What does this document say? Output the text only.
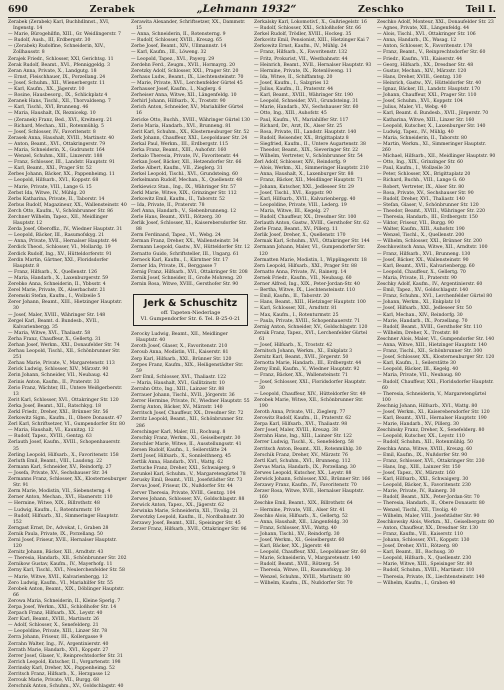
690	Zerabek	„Lehmann 1932“	Zeschko	Teil I.
Zerabek (Zerabek) Karl, Buchhdlnnst., XVI, Ingenstg. 14
— Marie, Bürogehilfin, XIII., Gr. Weidlingerstr. 7
— Rudolf, Aush., III, Erdbergstr. 30
— (Zerabek) Rudolfine, Schneiderin, XIV., Zollhausstr. 8
Zerajek Friedr., Schlosser, XXI, Gerichtsg. 11
Zerak Rudolf, Beamt., XVI., Pfenniggeldg. 3
Zeran Anna, Private, X., Landgutg. 18
— Ernst, Fleischhauer, IX., Porzellang. 24
— Josef, Schuhm., XII., Wienerbergstr. 11
— Karl, Kaufm., XX., Jägerstr. 10
— Rosine, Hausbesorg., IX., Schlickplatz 4
Zeranek Hans, Tischl., XII., Thorvaldseng. 7
— Karl, Tischl., XVI, Brunneng. 46
— Maria, Haushalt, IX, Reznicekg. 10
— (Zeranek) Franz, Bed., XVI., Kreitnerg. 21
— Richard, Mechan., XII., Rotenmühlg. 5
— Josef, Schlosser, IV., Favoritenstr. 8
Zerasek Anna, Haushalt, XVIII., Martinstr. 40
— Anton, Beamt., XVI., Ottakringerstr. 79
— Maria, Schneiderin, X., Gudrunstr. 164
— Wenzel, Schuhm., XIII., Linzerstr. 188
— Franz, Schlosser, III., Landstr. Hauptstr. 91
— Karl, Beamt., XXI., Prager Str. 52
Zerbes Johann, Bäcker, XX., Pappenheimg. 11
— Leopold, Hilfsarb., XVI., Koppstr. 68
— Marie, Private, VIII., Lange G. 15
Zerbst Ida, Witwe, IV., Mühlg. 20
Zerbs Katharina, Private, II., Taborstr. 14
Zerbus Rudolf, Magazineur, XX., Wallensteinstr. 40
Zerch Otto, Kaufm., V., Schönbrunner Str. 86
Zerchner Wilhelm, Tapez., XII., Meidlinger Hauptstr. 12
Zerda Josef, Oberoffiz., IV., Wiedner Hauptstr. 31
— Leopold, Bäcker, III., Rasumofskyg. 21
— Anna, Private, XVII., Hernalser Hauptstr. 44
Zerdick Theod., Schlosser, VI., Mollardg. 19
Zerdick Rudolf, Ing., XV., Hütteldorferstr. 91
Zerdin Martin, Gärtner, XXI., Floridsdorfer Hauptstr. 8
— Franz, Hilfsarb., X., Quellenstr. 126
— Maria, Handarb., X., Laxenburgerstr. 59
Zerebko Anna, Schneiderin, II., Ybbsstr. 4
Zerel Marie, Private, IX., Alserbachstr. 21
Zeremski Stefan, Kaufm., I., Wollzeile 5
Zerer Johann, Beamt., XIII., Hietzinger Hauptstr. 30
— Josef, Maler, XVIII., Währinger Str. 148
Zergel Karl, Beamt. d. Bundesb., XVII., Kalvarienbergg. 35
— Maria, Witwe, XVI., Thaliastr. 58
Zerha Franz, Chauffeur, X., Gellertg. 31
Zerhan Josef, Werkm., XXI., Donaufelder Str. 74
Zerhau Leopold, Tischl., XII., Schönbrunner Str. 251
Zerhau Marie, Private, V., Margaretenstr. 113
Zerick Ludwig, Schlosser, XIV., Märzstr. 90
Zerin Johann, Schneider, VII., Neubaug. 42
Zerinis Anton, Kaufm., II., Praterstr. 33
Zerio Franz, Wächter, III., Untere Weißgerberstr. 13
Zerit Karl, Schlosser, XVI., Ottakringer Str. 120
Zerka Josef, Beamt., XII., Ratschkyg. 18
Zerkl Friedr., Dreher, XXI., Brünner Str. 56
Zerkowitz Sigm., Kaufm., II., Obere Donaustr. 47
Zerl Karl, Schriftsetzer, VI., Gumpendorfer Str. 80
— Maria, Haushalt, VI., Kaunitzg. 12
— Rudolf, Tapez., XVIII., Gentzg. 63
Zerlauth Josef, Kaufm., XVIII., Schopenhauerstr. 35
Zerling Leopold, Hilfsarb., X., Favoritenstr. 158
Zerluth Emil, Beamt., VIII., Laudong. 22
Zermann Karl, Schneider, XV., Reindorfg. 27
— Josefa, Private, XV., Sechshauser Str. 34
Zermanns Franz, Schlosser, XX., Klosterneuburger Str. 91
Zerm Marie, Modistin, VII., Siebensterng. 4
Zerner Anton, Mechan., XVI., Hasnerstr. 110
— Hermine, Witwe, XIX., Billrothstr. 48
— Ludwig, Kaufm., I., Rotenturmstr. 19
— Rudolf, Hilfsarb., XI., Simmeringer Hauptstr. 152
Zerngast Ernst, Dr., Advokat, I., Graben 28
Zernik Paula, Private, IX., Porzellang. 50
Zerni Josef, Friseur, XVII., Hernalser Hauptstr. 120
Zernitz Johann, Bäcker, XII., Arndtstr. 43
— Theresia, Handarb., XII., Schönbrunner Str. 202
Zernikow Gustav, Kaufm., IV., Mayerhofg. 11
Zerny Karl, Tischl., XVI., Neulerchenfelder Str. 58
— Marie, Witwe, XVII., Kalvarienbergg. 12
Zero Ludwig, Kaufm., VI., Mariahilfer Str. 55
Zerobek Anton, Beamt., XIX., Döblinger Hauptstr. 66
Zerowa Maria, Schneiderin, II., Kleine Sperlg. 7
Zerpa Josef, Werkm., XXI., Schloßhofer Str. 14
Zerpach Franz, Hilfsarb., XX., Leystr. 40
Zerr Karl, Beamt., XVIII., Martinstr. 26
— Adolf, Schlosser, X., Senefelderg. 21
— Leopoldine, Private, XIII., Linzer Str. 78
Zerra Johann, Friseur, III., Kollergasse 9
Zerrahn Walter, Ing., IV., Argentinierstr. 40
Zerrath Marie, Handarb., XVI., Koppstr. 27
Zerrer Josef, Glaser, V., Reinprechtsdorfer Str. 31
Zerrich Leopold, Kutscher, II., Vorgartenstr. 198
Zerrinsky Karl, Dreher, XX., Pappenheimg. 52
Zerritsch Franz, Hilfsarb., X., Herzgasse 12
Zerrouk Marie, Private, VII., Burgg. 68
Zerschnik Anton, Schuhm., XV., Goldschlagstr. 40
Zerawita Alexander, Schriftsetzer, XX., Dammstr. 15
— Anna, Schneiderin, II., Rotensterng. 9
— Rudolf, Schlosser, XVIII., Kreuzg. 65
Zerbe Josef, Beamt., XIV., Ullmannstr. 14
— Karl, Kaufm., III., Löweng. 32
— Leopold, Tapez., XVI., Payerg. 29
Zerdehn Ferd., Zeugm., XVII., Hormayrg. 20
Zeretzky Adolf, Schlosser, XXI., Prager Str. 20
Zerhaus Ludw., Beamt., IX., Liechtensteinstr. 70
— Marie, Private, XVI., Lerchenfelder Gürtel 45
Zerhauser Josef, Kaufm., I., Naglerg. 6
Zerheiser Anna, Witwe, XII., Längenfeldg. 10
Zerhirl Johann, Hilfsarb., X., Troststr. 90
Zerich Anton, Schneider, XV., Mariahilfer Gürtel 16
Zericke Otto, Buchh., XVIII., Währinger Gürtel 130
Zerio Maria, Handarb., XVI., Brunneng. 81
Zerit Karl, Schuhm., XX., Klosterneuburger Str. 52
Zerk Johann, Chauffeur, XXI., Leopoldauer Str. 24
Zerkal Paul, Werkm., III., Erdbergstr. 115
Zerka Franz, Beamt., XIII., Auhofstr. 160
Zerkalo Theresia, Private, IV., Favoritenstr. 44
Zerkan Josef, Bäcker, XII., Hetzendorfer Str. 66
Zerke Albert, Kaufm., VII., Zieglerg. 31
Zerkel Leopold, Tischl., XVI., Grundsteing. 60
Zerkelmann Rudolf, Mechan., X., Quellenstr. 48
Zerkiewicz Stan., Ing., IX., Währinger Str. 57
Zerkl Marie, Witwe, XIX., Grinzinger Str. 112
Zerkowitz Emil, Kaufm., II., Taborstr. 52
— Ida, Private, II., Praterstr. 78
Zerl Anna, Handarb., V., Siebenbrunneng. 12
Zerle Hans, Beamt., XVII., Rötzerg. 30
Zerlik Josef, Schlosser, XI., Kaiserebersdorfer Str. 88
Zerm Ferdinand, Tapez., VI., Webg. 24
Zerman Franz, Dreher, XX., Wallensteinstr. 34
Zermann Leopold, Gastw., XV., Hütteldorfer Str. 12
Zernatto Guido, Schriftsteller, III., Ungarg. 61
Zerneck Karl, Kaufm., I., Kärntner Str. 17
Zerner Ida, Private, IX., Berggasse 7
Zernig Franz, Hilfsarb., XVI., Ottakringer Str. 208
Zernik Josef, Schneider, II., Große Mohreng. 20
Zernin Rosa, Witwe, XVIII., Gersthofer Str. 90
Jerk & Schuschitz
off. Tapeten-Niederlage
VI. Gumpendorfer Str. 6. Tel. B-25-0-21
Zerocky Ludwig, Beamt., XII., Meidlinger Hauptstr. 40
Zeroth Josef, Glaser, X., Favoritenstr. 210
Zeroub Anna, Modistin, VII., Kaiserstr. 81
Zerp Karl, Hilfsarb., XXI., Brünner Str. 120
Zerpes Franz, Kaufm., XIX., Heiligenstädter Str. 59
Zerr Emil, Schlosser, XVI., Thaliastr. 122
— Maria, Haushalt, XVI., Gallitzinstr. 10
Zerrahn Otto, Ing., XIII., Lainzer Str. 88
Zerrauer Johann, Tischl., XVII., Jörgerstr. 36
Zerrer Hermine, Private, IV., Wiedner Hauptstr. 55
Zerrig Anton, Bäcker, XV., Märzstr. 140
Zerritsch Josef, Chauffeur, XX., Dresdner Str. 72
Zerritz Leopold, Beamt., XII., Schönbrunner Str. 286
Zerschinger Karl, Maler, III., Rochusg. 8
Zerschky Franz, Werkm., XI., Geiselbergstr. 30
Zerschler Marie, Witwe, II., Ausstellungsstr. 41
Zersen Rudolf, Kaufm., I., Seilerstätte 24
Zertl Josef, Hilfsarb., X., Sonnleithnerg. 45
Zertlik Anna, Handarb., XVI., Wattg. 62
Zertuche Franz, Dreher, XXI., Schwaigerg. 9
Zerunkel Karl, Schuhm., V., Margaretengürtel 78
Zerusky Emil, Beamt., VIII., Josefstädter Str. 73
Zervas Josef, Friseur, IX., Nußdorfer Str. 44
Zerver Theresia, Private, XVIII., Gentzg. 104
Zerwes Johann, Schlosser, XV., Goldschlagstr. 88
Zerwick Anton, Tapez., XX., Jägerstr. 62
Zerwinka Marie, Schneiderin, XII., Tivolig. 21
Zerwotzky Leopold, Kaufm., II., Nordbahnstr. 30
Zerzawy Josef, Beamt., XIII., Speisinger Str. 45
Zerzer Franz, Hilfsarb., XVII., Ottakringer Str. 96
Zerkalsky Karl, Lokomotivf., X., Gußriegelstr. 16
— Rudolf, Schlosser, XXI., Schloßhofer Str. 66
Zerkel Rudolf, Trödler, XVIII., Hockeg. 35
Zerkovitz Emil, Pensionist, XIII., Hietzinger Kai 7
Zerkowitz Ernst, Kaufm., IV., Mühlg. 24
— Franz, Hilfsarb., X., Favoritenstr. 132
— Fritz, Prokurist, VII., Westbahnstr. 44
— Heinrich, Beamt., XVII., Hernalser Hauptstr. 93
— Hermine, Private, IX., Rotenlöweng. 11
— Ida, Witwe, II., Schiffamtsg. 20
— Josef, Kaufm., I., Salzgries 12
— Julius, Kaufm., II., Praterstr. 44
— Karl, Beamt., XVIII., Währinger Str. 190
— Leopold, Schneider, XVI., Grundsteing. 31
— Marie, Handarb., XV., Sechshauser Str. 60
— Otto, Ing., XIII., Auhofstr. 45
— Paul, Kaufm., VI., Mariahilfer Str. 117
— Richard, Dr., Arzt, IX., Alser Str. 25
— Rosa, Private, III., Landstr. Hauptstr. 140
— Rudolf, Reisender, XX., Brigittaplatz 8
— Siegfried, Kaufm., II., Untere Augartenstr. 38
— Theodor, Beamt., XIX., Sieveringer Str. 22
— Wilhelm, Vertreter, V., Schönbrunner Str. 54
Zerl Adolf, Schlosser, XIV., Reindorfg. 9
— Alois, Werkm., XI., Simmeringer Hauptstr. 210
— Anna, Haushalt, X., Laxenburger Str. 88
— Franz, Bäcker, XII., Meidlinger Hauptstr. 71
— Johann, Kutscher, XXI., Jedleseer Str. 29
— Josef, Tischl., XVI., Koppstr. 90
— Karl, Hilfsarb., XVII., Kalvarienbergg. 40
— Leopoldine, Private, VIII., Lederg. 19
— Maria, Witwe, III., Kegelg. 27
— Rudolf, Chauffeur, XX., Dresdner Str. 100
Zerlauth Anton, Gastw., XVIII., Gersthofer Str. 62
Zerle Franz, Beamt., XV., Pillerg. 11
Zerlik Josef, Dreher, X., Quellenstr. 170
Zermak Karl, Schuhm., XVI., Ottakringer Str. 144
Zermann Johann, Maler, VI., Gumpendorfer Str. 120
Zermatten Marie, Modistin, I., Wipplingerstr. 18
Zern Leopold, Hilfsarb., XXI., Prager Str. 88
Zernatto Anna, Private, IV., Rainerg. 14
Zernek Friedr., Kaufm., VII., Neubaug. 60
Zerner Alfred, Ing., XIX., Peter-Jordan-Str. 40
— Bertha, Witwe, IX., Liechtensteinstr. 110
— Emil, Kaufm., II., Taborstr. 20
— Hans, Beamt., XIII., Hietzinger Hauptstr. 100
— Karl, Schlosser, XII., Arndtstr. 81
— Max, Kaufm., I., Rotenturmstr. 25
— Paula, Private, XVIII., Schopenhauerstr. 71
Zernig Anton, Schneider, XV., Goldschlagstr. 120
Zernik Franz, Tapez., XVI., Lerchenfelder Gürtel 61
— Josef, Hilfsarb., X., Troststr. 42
Zernitsch Johann, Werkm., XI., Enkplatz 3
Zernitz Karl, Beamt., XVII., Jörgerstr. 50
Zernotta Marie, Handarb., III., Erdbergstr. 44
Zerny Emil, Kaufm., V., Wiedner Hauptstr. 92
— Franz, Bäcker, XX., Wallensteinstr. 71
— Josef, Schlosser, XXI., Floridsdorfer Hauptstr. 30
— Leopold, Chauffeur, XIV., Hütteldorfer Str. 49
Zerobek Marie, Witwe, XII., Schönbrunner Str. 190
Zeroth Anna, Private, VII., Zieglerg. 77
Zerowitz Rudolf, Kaufm., II., Praterstr. 62
Zerpa Karl, Hilfsarb., XVI., Thaliastr. 98
Zerr Josef, Maler, XVIII., Kreuzg. 38
Zerrahn Hans, Ing., XIII., Lainzer Str. 122
Zerrer Ludwig, Tischl., X., Senefelderg. 58
Zerritsch Anton, Beamt., XII., Rotenmühlg. 30
Zerschik Franz, Dreher, XV., Märzstr. 76
Zertl Karl, Schuhm., XVI., Brunneng. 112
Zervas Maria, Handarb., IX., Porzellang. 30
Zerwes Leopold, Kutscher, XX., Leystr. 88
Zerwick Johann, Schlosser, XXI., Brünner Str. 166
Zerzawy Franz, Kaufm., IV., Favoritenstr. 70
Zerzer Rosa, Witwe, XVII., Hernalser Hauptstr. 160
Zeschke Emil, Beamt., XIX., Billrothstr. 64
— Hermine, Private, VIII., Alser Str. 41
Zeschko Alois, Hilfsarb., X., Gellertg. 52
— Anna, Haushalt, XII., Längenfeldg. 30
— Franz, Schlosser, XVI., Wattg. 40
— Johann, Tischl., XV., Reindorfg. 30
— Josef, Werkm., XI., Geiselbergstr. 60
— Karl, Bäcker, XX., Jägerstr. 48
— Leopold, Chauffeur, XXI., Leopoldauer Str. 60
— Marie, Schneiderin, V., Margaretenstr. 140
— Rudolf, Beamt., XVII., Rötzerg. 54
— Theresia, Witwe, III., Rasumofskyg. 30
— Wenzel, Schuhm., XVIII., Martinstr. 80
— Wilhelm, Kaufm., IX., Nußdorfer Str. 70
Zeschko Adolf, Monteur, XXI., Donaufelder Str. 23
— Agnes, Private, XII., Längenfeldg. 44
— Alois, Tischl., XVI., Ottakringer Str. 106
— Anna, Handarb., IX., Wasag. 12
— Anton, Schlosser, X., Favoritenstr. 178
— Franz, Beamt., V., Reinprechtsdorfer Str. 60
— Friedr., Kaufm., VII., Kaiserstr. 44
— Georg, Hilfsarb., XX., Dresdner Str. 48
— Gustav, Mechan., XIV., Märzstr. 120
— Hans, Dreher, XVIII., Gentzg. 130
— Heinrich, Gastw., XV., Hütteldorfer Str. 40
— Ignaz, Bäcker, III., Landstr. Hauptstr. 170
— Johann, Chauffeur, XXI., Prager Str. 110
— Josef, Schuhm., XVI., Koppstr. 104
— Julius, Maler, VI., Webg. 40
— Karl, Beamt. d. Bundesb., XVII., Jörgerstr. 70
— Katharina, Witwe, XIII., Linzer Str. 160
— Leopold, Kutscher, X., Laxenburger Str. 140
— Ludwig, Tapez., IV., Mühlg. 40
— Maria, Schneiderin, II., Taborstr. 80
— Martin, Werkm., XI., Simmeringer Hauptstr. 260
— Michael, Hilfsarb., XII., Meidlinger Hauptstr. 90
— Otto, Ing., XIX., Grinzinger Str. 60
— Paul, Kaufm., I., Wollzeile 30
— Peter, Schlosser, XX., Brigittaplatz 20
— Richard, Buchh., VIII., Lange G. 60
— Robert, Vertreter, IX., Alser Str. 80
— Rosa, Private, XV., Sechshauser Str. 90
— Rudolf, Dreher, XVI., Thaliastr. 140
— Stefan, Glaser, V., Schönbrunner Str. 120
— Theodor, Beamt., XVIII., Währinger Str. 220
— Theresia, Handarb., III., Erdbergstr. 150
— Viktor, Friseur, VII., Burgg. 90
— Walter, Kaufm., XIII., Auhofstr. 190
— Wenzel, Tischl., X., Quellenstr. 200
— Wilhelm, Schlosser, XXI., Brünner Str. 200
Zeschkowitsch Anna, Witwe, XII., Arndtstr. 100
— Franz, Hilfsarb., XVI., Brunneng. 130
— Josef, Bäcker, XX., Wallensteinstr. 90
— Karl, Beamt., XVII., Kalvarienbergg. 60
— Leopold, Chauffeur, X., Gellertg. 70
— Maria, Private, II., Praterstr. 90
Zeschky Adolf, Kaufm., IV., Argentinierstr. 60
— Emil, Tapez., XV., Goldschlagstr. 140
— Franz, Schuhm., XVI., Lerchenfelder Gürtel 80
— Johann, Werkm., XI., Enkplatz 10
— Josef, Hilfsarb., XXI., Jedleseer Str. 50
— Karl, Mechan., XIV., Reindorfg. 30
— Marie, Handarb., IX., Porzellang. 70
— Rudolf, Beamt., XVIII., Gersthofer Str. 110
— Wilhelm, Dreher, X., Troststr. 80
Zeschner Alois, Maler, VI., Gumpendorfer Str. 140
— Anna, Witwe, XIII., Hietzinger Hauptstr. 140
— Franz, Tischl., XII., Schönbrunner Str. 300
— Josef, Schlosser, XX., Klosterneuburger Str. 120
— Karl, Kaufm., I., Seilerstätte 30
— Leopold, Bäcker, III., Kegelg. 40
— Maria, Private, VII., Neubaug. 80
— Rudolf, Chauffeur, XXI., Floridsdorfer Hauptstr. 60
— Theresia, Schneiderin, V., Margaretengürtel 100
Zeschnig Johann, Hilfsarb., XVI., Wattg. 80
— Josef, Werkm., XI., Kaiserebersdorfer Str. 120
— Karl, Beamt., XVII., Hernalser Hauptstr. 190
— Marie, Handarb., XV., Pillerg. 30
Zeschinsky Franz, Dreher, X., Senefelderg. 80
— Leopold, Kutscher, XX., Leystr. 110
— Rudolf, Schuhm., XII., Rotenmühlg. 50
Zeschka Anna, Witwe, XVIII., Kreuzg. 60
— Emil, Kaufm., IX., Nußdorfer Str. 90
— Franz, Schlosser, XVI., Ottakringer Str. 230
— Hans, Ing., XIII., Lainzer Str. 150
— Josef, Tapez., XV., Märzstr. 160
— Karl, Hilfsarb., XXI., Schwaigerg. 30
— Leopold, Bäcker, X., Favoritenstr. 230
— Marie, Private, IV., Rainerg. 30
— Rudolf, Beamt., XIX., Peter-Jordan-Str. 70
— Theresia, Handarb., II., Obere Donaustr. 80
— Wenzel, Tischl., XII., Tivolig. 40
— Wilhelm, Maler, VIII., Josefstädter Str. 90
Zeschkowsky Alois, Werkm., XI., Geiselbergstr. 80
— Anton, Chauffeur, XX., Dresdner Str. 130
— Franz, Kaufm., VII., Kaiserstr. 110
— Johann, Schlosser, XVI., Koppstr. 130
— Josef, Dreher, XVII., Rötzerg. 80
— Karl, Beamt., III., Rochusg. 30
— Leopold, Hilfsarb., X., Quellenstr. 230
— Marie, Witwe, XIII., Speisinger Str. 80
— Rudolf, Schuhm., XVIII., Martinstr. 110
— Theresia, Private, IX., Liechtensteinstr. 140
— Wilhelm, Kaufm., I., Graben 40
